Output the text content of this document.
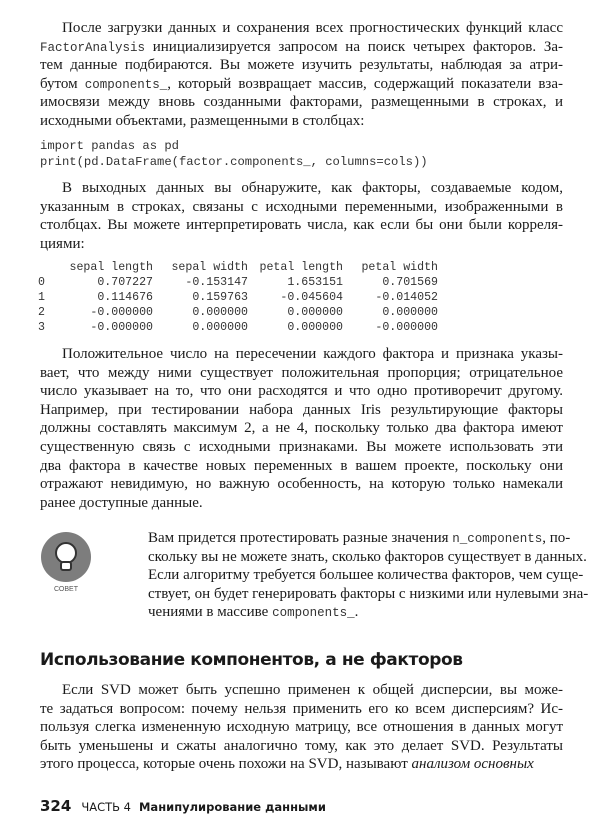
После загрузки данных и сохранения всех прогностических функций класс
FactorAnalysis инициализируется запросом на поиск четырех факторов. За-
тем данные подбираются. Вы можете изучить результаты, наблюдая за атри-
бутом components_, который возвращает массив, содержащий показатели вза-
имосвязи между вновь созданными факторами, размещенными в строках, и
исходными объектами, размещенными в столбцах:
import pandas as pd
print(pd.DataFrame(factor.components_, columns=cols))
В выходных данных вы обнаружите, как факторы, создаваемые кодом,
указанным в строках, связаны с исходными переменными, изображенными в
столбцах. Вы можете интерпретировать числа, как если бы они были корреля-
циями:
	sepal length	sepal width	petal length	petal width
0	0.707227	-0.153147	1.653151	0.701569
1	0.114676	0.159763	-0.045604	-0.014052
2	-0.000000	0.000000	0.000000	0.000000
3	-0.000000	0.000000	0.000000	-0.000000
Положительное число на пересечении каждого фактора и признака указы-
вает, что между ними существует положительная пропорция; отрицательное
число указывает на то, что они расходятся и что одно противоречит другому.
Например, при тестировании набора данных Iris результирующие факторы
должны составлять максимум 2, а не 4, поскольку только два фактора имеют
существенную связь с исходными признаками. Вы можете использовать эти
два фактора в качестве новых переменных в вашем проекте, поскольку они
отражают невидимую, но важную особенность, на которую только намекали
ранее доступные данные.
СОВЕТ
Вам придется протестировать разные значения n_components, по-
скольку вы не можете знать, сколько факторов существует в данных.
Если алгоритму требуется большее количества факторов, чем суще-
ствует, он будет генерировать факторы с низкими или нулевыми зна-
чениями в массиве components_.
Использование компонентов, а не факторов
Если SVD может быть успешно применен к общей дисперсии, вы може-
те задаться вопросом: почему нельзя применить его ко всем дисперсиям? Ис-
пользуя слегка измененную исходную матрицу, все отношения в данных могут
быть уменьшены и сжаты аналогично тому, как это делает SVD. Результаты
этого процесса, которые очень похожи на SVD, называют анализом основных
324 ЧАСТЬ 4 Манипулирование данными
